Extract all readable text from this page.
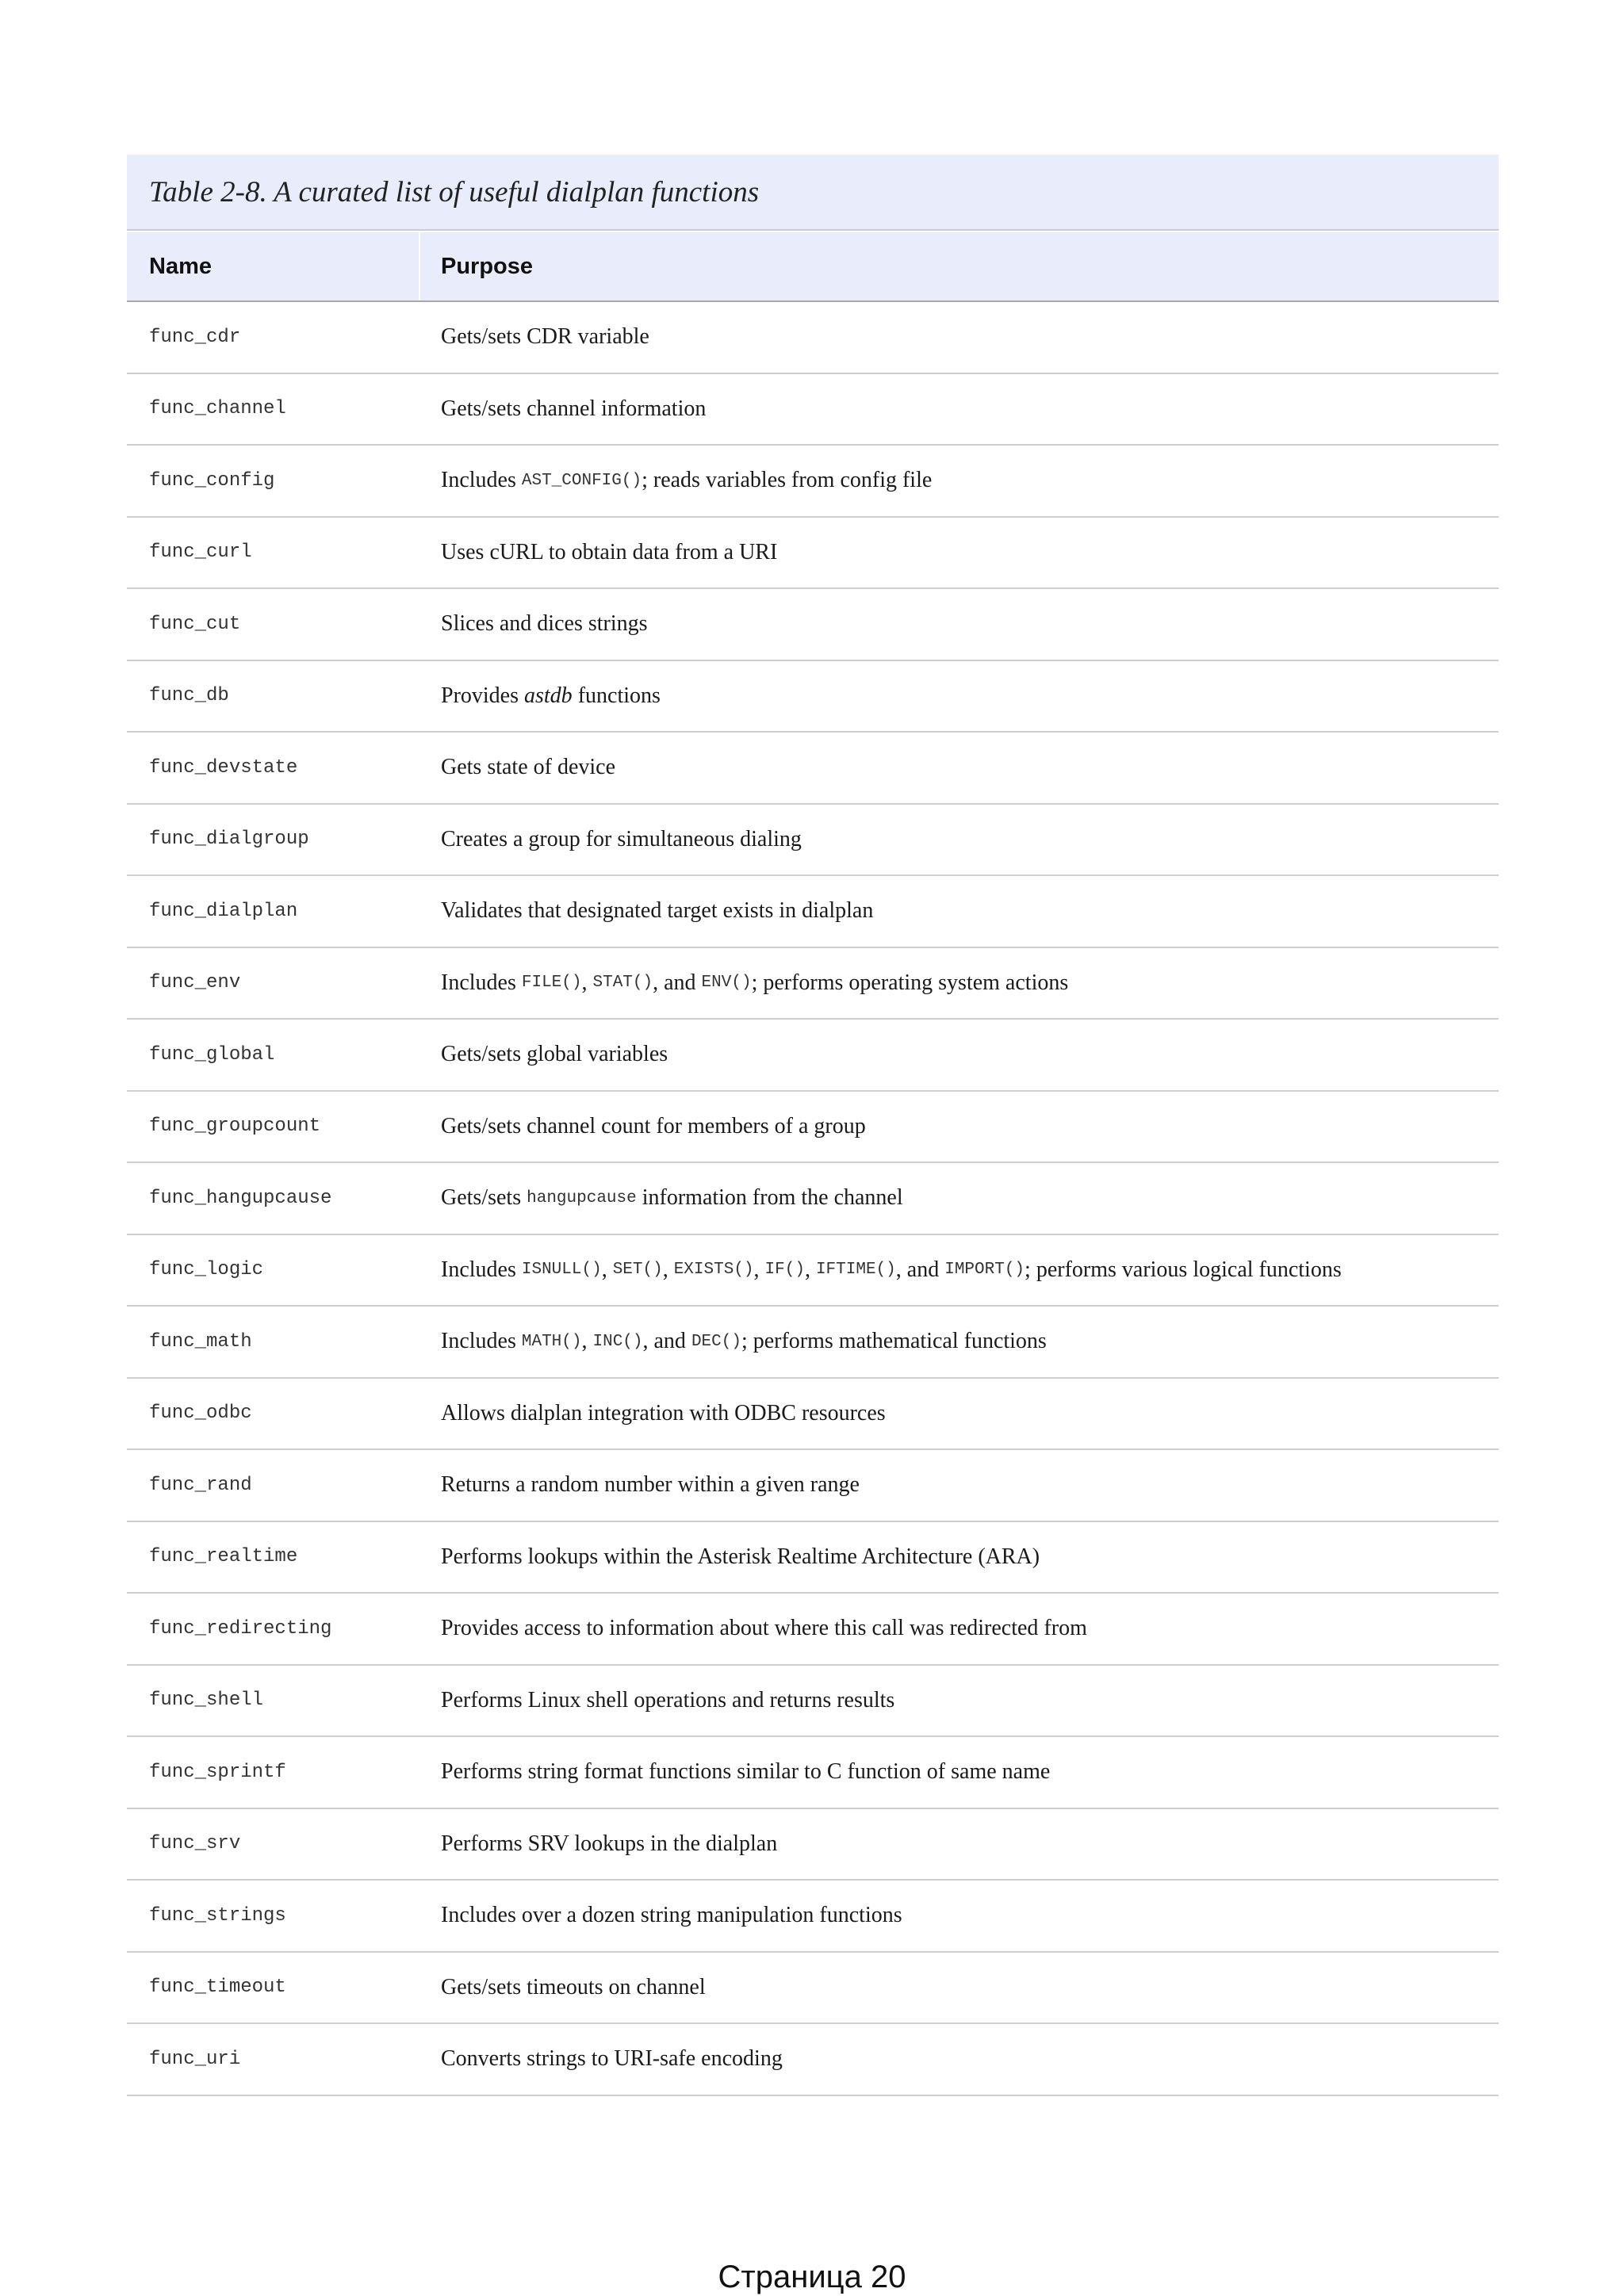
Table 2-8. A curated list of useful dialplan functions
Name	Purpose
func_cdr	Gets/sets CDR variable
func_channel	Gets/sets channel information
func_config	Includes AST_CONFIG() ; reads variables from config file
func_curl	Uses cURL to obtain data from a URI
func_cut	Slices and dices strings
func_db	Provides astdb functions
func_devstate	Gets state of device
func_dialgroup	Creates a group for simultaneous dialing
func_dialplan	Validates that designated target exists in dialplan
func_env	Includes FILE() , STAT() , and ENV() ; performs operating system actions
func_global	Gets/sets global variables
func_groupcount	Gets/sets channel count for members of a group
func_hangupcause	Gets/sets hangupcause information from the channel
func_logic	Includes ISNULL() , SET() , EXISTS() , IF() , IFTIME() , and IMPORT() ; performs various logical functions
func_math	Includes MATH() , INC() , and DEC() ; performs mathematical functions
func_odbc	Allows dialplan integration with ODBC resources
func_rand	Returns a random number within a given range
func_realtime	Performs lookups within the Asterisk Realtime Architecture (ARA)
func_redirecting	Provides access to information about where this call was redirected from
func_shell	Performs Linux shell operations and returns results
func_sprintf	Performs string format functions similar to C function of same name
func_srv	Performs SRV lookups in the dialplan
func_strings	Includes over a dozen string manipulation functions
func_timeout	Gets/sets timeouts on channel
func_uri	Converts strings to URI-safe encoding
Страница 20
